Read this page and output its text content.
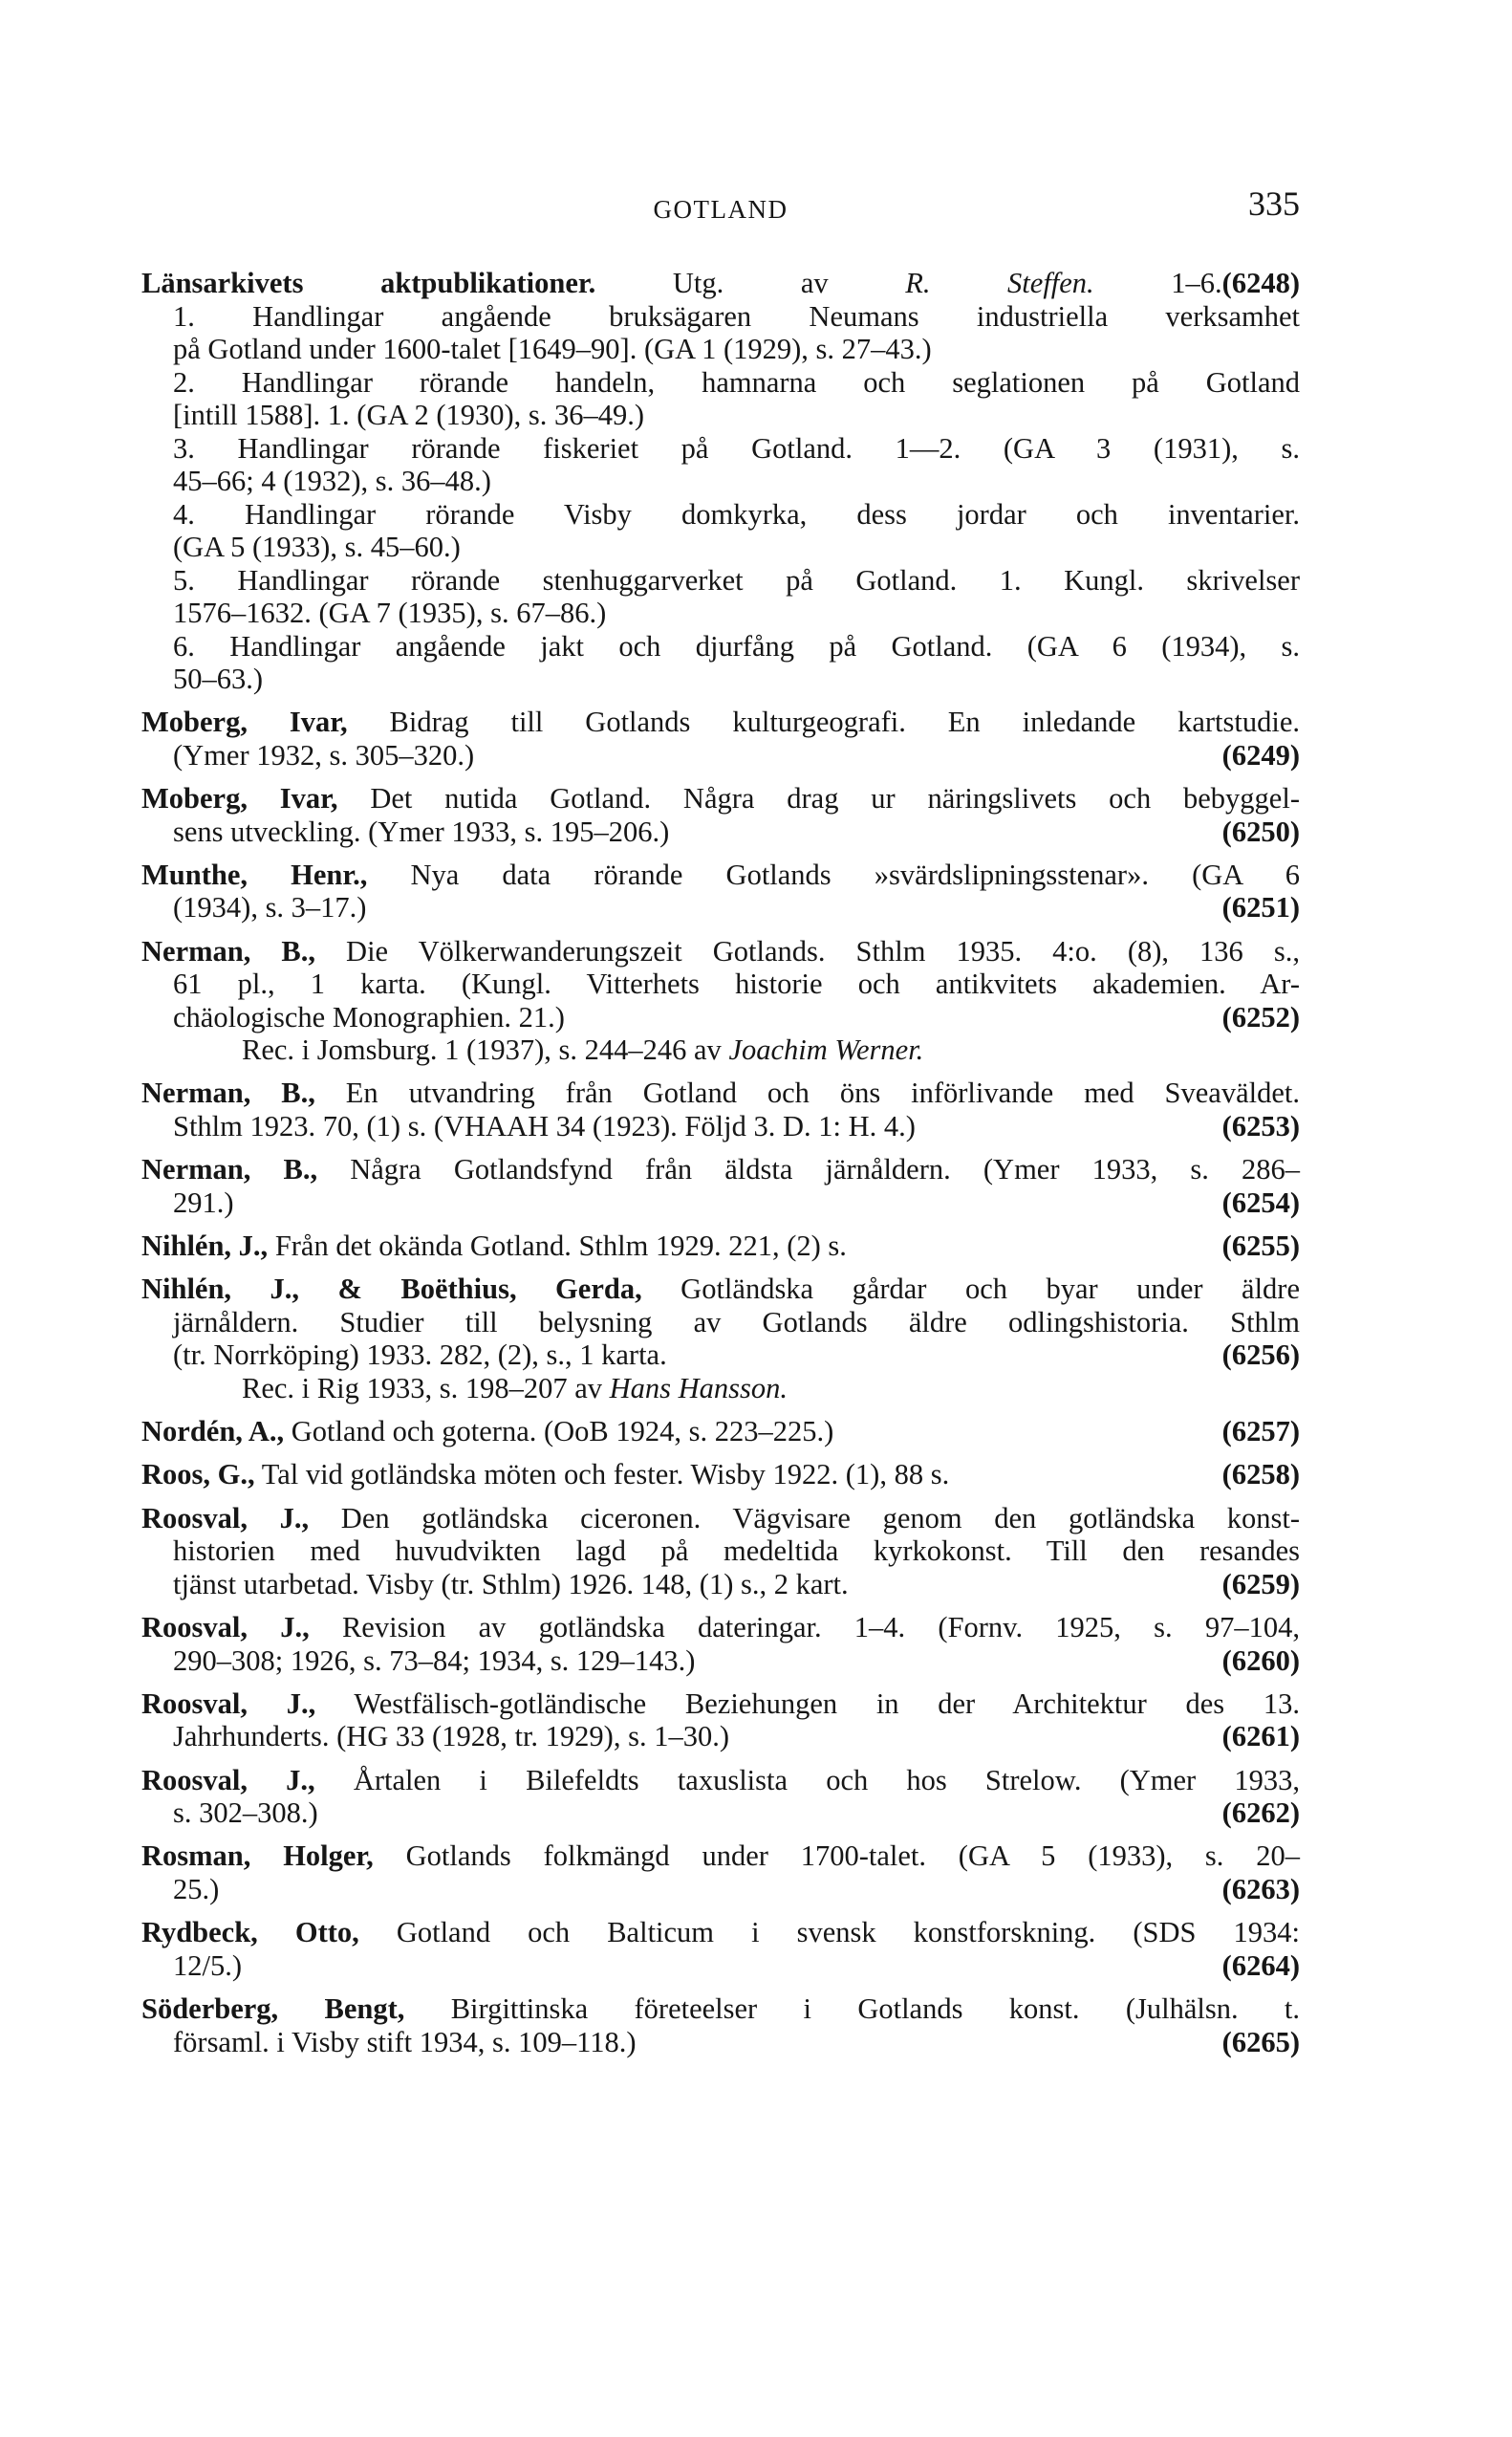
GOTLAND	335
(6248)
Länsarkivets aktpublikationer. Utg. av R. Steffen. 1–6.
1. Handlingar angående bruksägaren Neumans industriella verksamhet
på Gotland under 1600-talet [1649–90]. (GA 1 (1929), s. 27–43.)
2. Handlingar rörande handeln, hamnarna och seglationen på Gotland
[intill 1588]. 1. (GA 2 (1930), s. 36–49.)
3. Handlingar rörande fiskeriet på Gotland. 1—2. (GA 3 (1931), s.
45–66; 4 (1932), s. 36–48.)
4. Handlingar rörande Visby domkyrka, dess jordar och inventarier.
(GA 5 (1933), s. 45–60.)
5. Handlingar rörande stenhuggarverket på Gotland. 1. Kungl. skrivelser
1576–1632. (GA 7 (1935), s. 67–86.)
6. Handlingar angående jakt och djurfång på Gotland. (GA 6 (1934), s.
50–63.)
Moberg, Ivar, Bidrag till Gotlands kulturgeografi. En inledande kartstudie.
(6249)
(Ymer 1932, s. 305–320.)
Moberg, Ivar, Det nutida Gotland. Några drag ur näringslivets och bebyggel-
(6250)
sens utveckling. (Ymer 1933, s. 195–206.)
Munthe, Henr., Nya data rörande Gotlands »svärdslipningsstenar». (GA 6
(6251)
(1934), s. 3–17.)
Nerman, B., Die Völkerwanderungszeit Gotlands. Sthlm 1935. 4:o. (8), 136 s.,
61 pl., 1 karta. (Kungl. Vitterhets historie och antikvitets akademien. Ar-
(6252)
chäologische Monographien. 21.)
Rec. i Jomsburg. 1 (1937), s. 244–246 av Joachim Werner.
Nerman, B., En utvandring från Gotland och öns införlivande med Sveaväldet.
(6253)
Sthlm 1923. 70, (1) s. (VHAAH 34 (1923). Följd 3. D. 1: H. 4.)
Nerman, B., Några Gotlandsfynd från äldsta järnåldern. (Ymer 1933, s. 286–
(6254)
291.)
(6255)
Nihlén, J., Från det okända Gotland. Sthlm 1929. 221, (2) s.
Nihlén, J., & Boëthius, Gerda, Gotländska gårdar och byar under äldre
järnåldern. Studier till belysning av Gotlands äldre odlingshistoria. Sthlm
(6256)
(tr. Norrköping) 1933. 282, (2), s., 1 karta.
Rec. i Rig 1933, s. 198–207 av Hans Hansson.
(6257)
Nordén, A., Gotland och goterna. (OoB 1924, s. 223–225.)
(6258)
Roos, G., Tal vid gotländska möten och fester. Wisby 1922. (1), 88 s.
Roosval, J., Den gotländska ciceronen. Vägvisare genom den gotländska konst-
historien med huvudvikten lagd på medeltida kyrkokonst. Till den resandes
(6259)
tjänst utarbetad. Visby (tr. Sthlm) 1926. 148, (1) s., 2 kart.
Roosval, J., Revision av gotländska dateringar. 1–4. (Fornv. 1925, s. 97–104,
(6260)
290–308; 1926, s. 73–84; 1934, s. 129–143.)
Roosval, J., Westfälisch-gotländische Beziehungen in der Architektur des 13.
(6261)
Jahrhunderts. (HG 33 (1928, tr. 1929), s. 1–30.)
Roosval, J., Årtalen i Bilefeldts taxuslista och hos Strelow. (Ymer 1933,
(6262)
s. 302–308.)
Rosman, Holger, Gotlands folkmängd under 1700-talet. (GA 5 (1933), s. 20–
(6263)
25.)
Rydbeck, Otto, Gotland och Balticum i svensk konstforskning. (SDS 1934:
(6264)
12/5.)
Söderberg, Bengt, Birgittinska företeelser i Gotlands konst. (Julhälsn. t.
(6265)
församl. i Visby stift 1934, s. 109–118.)
